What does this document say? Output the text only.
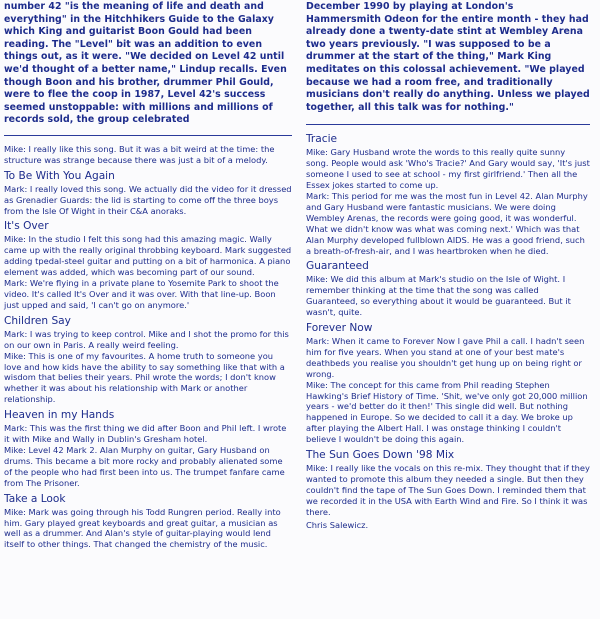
number 42 "is the meaning of life and death and everything" in the Hitchhikers Guide to the Galaxy which King and guitarist Boon Gould had been reading. The "Level" bit was an addition to even things out, as it were. "We decided on Level 42 until we'd thought of a better name," Lindup recalls. Even though Boon and his brother, drummer Phil Gould, were to flee the coop in 1987, Level 42's success seemed unstoppable: with millions and millions of records sold, the group celebrated

Mike: I really like this song. But it was a bit weird at the time: the structure was strange because there was just a bit of a melody.

To Be With You Again

Mark: I really loved this song. We actually did the video for it dressed as Grenadier Guards: the lid is starting to come off the three boys from the Isle Of Wight in their C&A anoraks.

It's Over

Mike: In the studio I felt this song had this amazing magic. Wally came up with the really original throbbing keyboard. Mark suggested adding tpedal-steel guitar and putting on a bit of harmonica. A piano element was added, which was becoming part of our sound.

Mark: We're flying in a private plane to Yosemite Park to shoot the video. It's called It's Over and it was over. With that line-up. Boon just upped and said, 'I can't go on anymore.'

Children Say

Mark: I was trying to keep control. Mike and I shot the promo for this on our own in Paris. A really weird feeling.

Mike: This is one of my favourites. A home truth to someone you love and how kids have the ability to say something like that with a wisdom that belies their years. Phil wrote the words; I don't know whether it was about his relationship with Mark or another relationship.

Heaven in my Hands

Mark: This was the first thing we did after Boon and Phil left. I wrote it with Mike and Wally in Dublin's Gresham hotel.

Mike: Level 42 Mark 2. Alan Murphy on guitar, Gary Husband on drums. This became a bit more rocky and probably alienated some of the people who had first been into us. The trumpet fanfare came from The Prisoner.

Take a Look

Mike: Mark was going through his Todd Rungren period. Really into him. Gary played great keyboards and great guitar, a musician as well as a drummer. And Alan's style of guitar-playing would lend itself to other things. That changed the chemistry of the music.

December 1990 by playing at London's Hammersmith Odeon for the entire month - they had already done a twenty-date stint at Wembley Arena two years previously. "I was supposed to be a drummer at the start of the thing," Mark King meditates on this colossal achievement. "We played because we had a room free, and traditionally musicians don't really do anything. Unless we played together, all this talk was for nothing."

Tracie

Mike: Gary Husband wrote the words to this really quite sunny song. People would ask 'Who's Tracie?' And Gary would say, 'It's just someone I used to see at school - my first girlfriend.' Then all the Essex jokes started to come up.

Mark: This period for me was the most fun in Level 42. Alan Murphy and Gary Husband were fantastic musicians. We were doing Wembley Arenas, the records were going good, it was wonderful. What we didn't know was what was coming next.' Which was that Alan Murphy developed fullblown AIDS. He was a good friend, such a breath-of-fresh-air, and I was heartbroken when he died.

Guaranteed

Mike: We did this album at Mark's studio on the Isle of Wight. I remember thinking at the time that the song was called Guaranteed, so everything about it would be guaranteed. But it wasn't, quite.

Forever Now

Mark: When it came to Forever Now I gave Phil a call. I hadn't seen him for five years. When you stand at one of your best mate's deathbeds you realise you shouldn't get hung up on being right or wrong.

Mike: The concept for this came from Phil reading Stephen Hawking's Brief History of Time. 'Shit, we've only got 20,000 million years - we'd better do it then!' This single did well. But nothing happened in Europe. So we decided to call it a day. We broke up after playing the Albert Hall. I was onstage thinking I couldn't believe I wouldn't be doing this again.

The Sun Goes Down '98 Mix

Mike: I really like the vocals on this re-mix. They thought that if they wanted to promote this album they needed a single. But then they couldn't find the tape of The Sun Goes Down. I reminded them that we recorded it in the USA with Earth Wind and Fire. So I think it was there.

Chris Salewicz.
